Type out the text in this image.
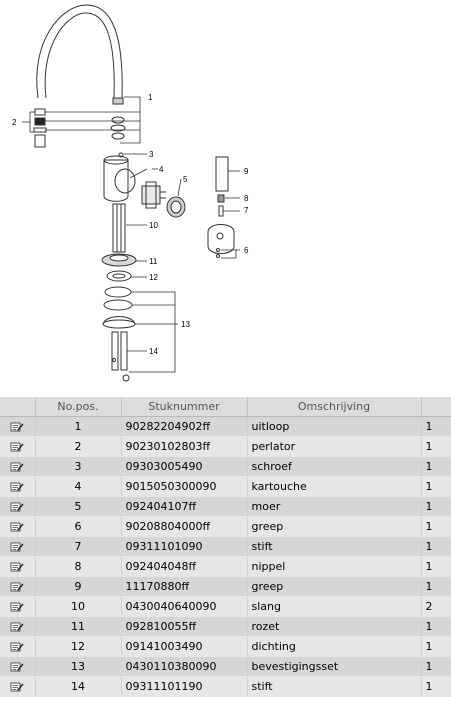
1
2
3
4
5
6
7
8
9
10
11
12
13
14
	No.pos.	Stuknummer	Omschrijving	
	1	90282204902ff	uitloop	1
	2	90230102803ff	perlator	1
	3	09303005490	schroef	1
	4	9015050300090	kartouche	1
	5	092404107ff	moer	1
	6	90208804000ff	greep	1
	7	09311101090	stift	1
	8	092404048ff	nippel	1
	9	11170880ff	greep	1
	10	0430040640090	slang	2
	11	092810055ff	rozet	1
	12	09141003490	dichting	1
	13	0430110380090	bevestigingsset	1
	14	09311101190	stift	1
